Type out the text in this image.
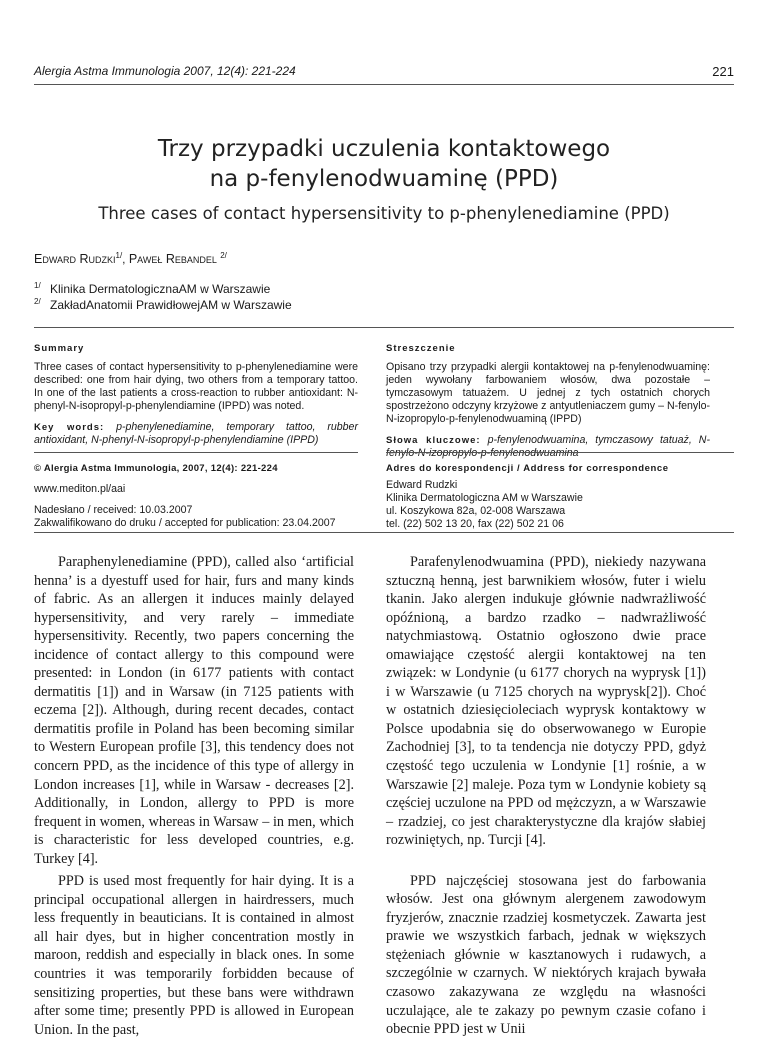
Alergia Astma Immunologia 2007, 12(4): 221-224	221
Trzy przypadki uczulenia kontaktowego
na p-fenylenodwuaminę (PPD)
Three cases of contact hypersensitivity to p-phenylenediamine (PPD)
Edward Rudzki$^{1/}$, Paweł Rebandel $^{2/}$
$^{1/}$ Klinika DermatologicznaAM w Warszawie
$^{2/}$ ZakładAnatomii PrawidłowejAM w Warszawie
Summary
Three cases of contact hypersensitivity to p-phenylenediamine were described: one from hair dying, two others from a temporary tattoo. In one of the last patients a cross-reaction to rubber antioxidant: N-phenyl-N-isopropyl-p-phenylendiamine (IPPD) was noted.
Key words: p-phenylenediamine, temporary tattoo, rubber antioxidant, N-phenyl-N-isopropyl-p-phenylendiamine (IPPD)
Streszczenie
Opisano trzy przypadki alergii kontaktowej na p-fenylenodwuaminę: jeden wywołany farbowaniem włosów, dwa pozostałe – tymczasowym tatuażem. U jednej z tych ostatnich chorych spostrzeżono odczyny krzyżowe z antyutleniaczem gumy – N-fenylo-N-izopropylo-p-fenylenodwuaminą (IPPD)
Słowa kluczowe: p-fenylenodwuamina, tymczasowy tatuaż, N-fenylo-N-izopropylo-p-fenylenodwuamina
© Alergia Astma Immunologia, 2007, 12(4): 221-224
www.mediton.pl/aai
Nadesłano / received: 10.03.2007
Zakwalifikowano do druku / accepted for publication: 23.04.2007
Adres do korespondencji / Address for correspondence
Edward Rudzki
Klinika Dermatologiczna AM w Warszawie
ul. Koszykowa 82a, 02-008 Warszawa
tel. (22) 502 13 20, fax (22) 502 21 06

Paraphenylenediamine (PPD), called also ‘artificial henna’ is a dyestuff used for hair, furs and many kinds of fabric. As an allergen it induces mainly delayed hypersensitivity, and very rarely – immediate hypersensitivity. Recently, two papers concerning the incidence of contact allergy to this compound were presented: in London (in 6177 patients with contact dermatitis [1]) and in Warsaw (in 7125 patients with eczema [2]). Although, during recent decades, contact dermatitis profile in Poland has been becoming similar to Western European profile [3], this tendency does not concern PPD, as the incidence of this type of allergy in London increases [1], while in Warsaw - decreases [2]. Additionally, in London, allergy to PPD is more frequent in women, whereas in Warsaw – in men, which is characteristic for less developed countries, e.g. Turkey [4].

PPD is used most frequently for hair dying. It is a principal occupational allergen in hairdressers, much less frequently in beauticians. It is contained in almost all hair dyes, but in higher concentration mostly in maroon, reddish and especially in black ones. In some countries it was temporarily forbidden because of sensitizing properties, but these bans were withdrawn after some time; presently PPD is allowed in European Union. In the past,

Parafenylenodwuamina (PPD), niekiedy nazywana sztuczną henną, jest barwnikiem włosów, futer i wielu tkanin. Jako alergen indukuje głównie nadwrażliwość opóźnioną, a bardzo rzadko – nadwrażliwość natychmiastową. Ostatnio ogłoszono dwie prace omawiające częstość alergii kontaktowej na ten związek: w Londynie (u 6177 chorych na wyprysk [1]) i w Warszawie (u 7125 chorych na wyprysk[2]). Choć w ostatnich dziesięcioleciach wyprysk kontaktowy w Polsce upodabnia się do obserwowanego w Europie Zachodniej [3], to ta tendencja nie dotyczy PPD, gdyż częstość tego uczulenia w Londynie [1] rośnie, a w Warszawie [2] maleje. Poza tym w Londynie kobiety są częściej uczulone na PPD od mężczyzn, a w Warszawie – rzadziej, co jest charakterystyczne dla krajów słabiej rozwiniętych, np. Turcji [4].

PPD najczęściej stosowana jest do farbowania włosów. Jest ona głównym alergenem zawodowym fryzjerów, znacznie rzadziej kosmetyczek. Zawarta jest prawie we wszystkich farbach, jednak w większych stężeniach głównie w kasztanowych i rudawych, a szczególnie w czarnych. W niektórych krajach bywała czasowo zakazywana ze względu na własności uczulające, ale te zakazy po pewnym czasie cofano i obecnie PPD jest w Unii
